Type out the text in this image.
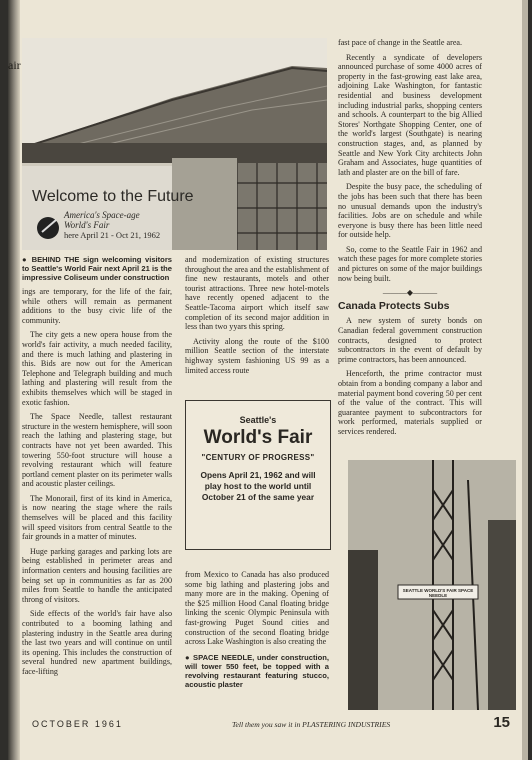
air
Welcome to the Future
America's Space-age
World's Fair
here April 21 - Oct 21, 1962

● BEHIND THE sign welcoming visitors to Seattle's World Fair next April 21 is the impressive Coliseum under construction

ings are temporary, for the life of the fair, while others will remain as permanent additions to the busy civic life of the community.

The city gets a new opera house from the world's fair activity, a much needed facility, and there is much lathing and plastering in this. Bids are now out for the American Telephone and Telegraph building and much lathing and plastering will result from the exhibits themselves which will be staged in exotic fashion.

The Space Needle, tallest restaurant structure in the western hemisphere, will soon reach the lathing and plastering stage, but contracts have not yet been awarded. This towering 550-foot structure will house a revolving restaurant which will feature portland cement plaster on its perimeter walls and acoustic plaster ceilings.

The Monorail, first of its kind in America, is now nearing the stage where the rails themselves will be placed and this facility will speed visitors from central Seattle to the fair grounds in a matter of minutes.

Huge parking garages and parking lots are being established in perimeter areas and information centers and housing facilities are being set up in communities as far as 200 miles from Seattle to handle the anticipated throng of visitors.

Side effects of the world's fair have also contributed to a booming lathing and plastering industry in the Seattle area during the last two years and will continue on until its opening. This includes the construction of several hundred new apartment buildings, face-lifting

and modernization of existing structures throughout the area and the establishment of fine new restaurants, motels and other tourist attractions. Three new hotel-motels have recently opened adjacent to the Seattle-Tacoma airport which itself saw completion of its second major addition in less than two yyars this spring.

Activity along the route of the $100 million Seattle section of the interstate highway system fashioning US 99 as a limited access route

Seattle's
World's Fair
"CENTURY OF PROGRESS"
Opens April 21, 1962 and will play host to the world until October 21 of the same year

from Mexico to Canada has also produced some big lathing and plastering jobs and many more are in the making. Opening of the $25 million Hood Canal floating bridge linking the scenic Olympic Peninsula with fast-growing Puget Sound cities and construction of the second floating bridge across Lake Washington is also creating the

● SPACE NEEDLE, under construction, will tower 550 feet, be topped with a revolving restaurant featuring stucco, acoustic plaster

fast pace of change in the Seattle area.

Recently a syndicate of developers announced purchase of some 4000 acres of property in the fast-growing east lake area, adjoining Lake Washington, for fantastic residential and business development including industrial parks, shopping centers and schools. A counterpart to the big Allied Stores' Northgate Shopping Center, one of the world's largest (Southgate) is nearing construction stages, and, as planned by Seattle and New York City architects John Graham and Associates, huge quantities of lath and plaster are on the bill of fare.

Despite the busy pace, the scheduling of the jobs has been such that there has been no unusual demands upon the industry's facilities. Jobs are on schedule and while everyone is busy there has been little need for outside help.

So, come to the Seattle Fair in 1962 and watch these pages for more complete stories and pictures on some of the major buildings now being built.

———◆———
Canada Protects Subs

A new system of surety bonds on Canadian federal government construction contracts, designed to protect subcontractors in the event of default by prime contractors, has been announced.

Henceforth, the prime contractor must obtain from a bonding company a labor and material payment bond covering 50 per cent of the value of the contract. This will guarantee payment to subcontractors for work performed, materials supplied or services rendered.

SEATTLE WORLD'S FAIR SPACE NEEDLE
OCTOBER 1961	Tell them you saw it in PLASTERING INDUSTRIES	15
